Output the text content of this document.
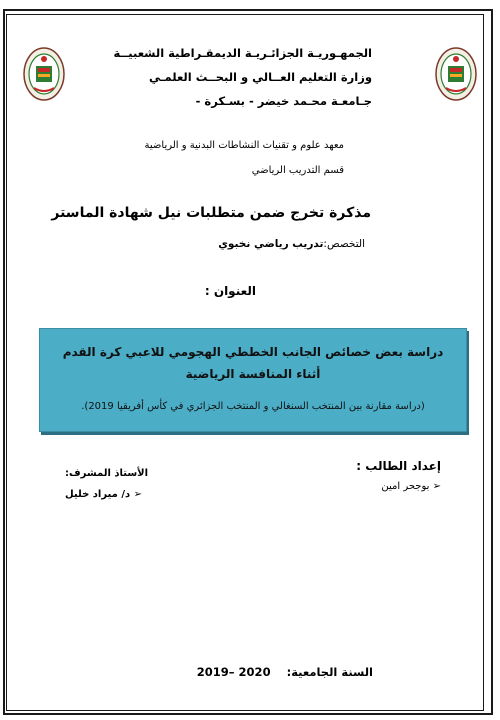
الجمهـوريـة الجزائـريـة الديمقـراطية الشعبيــة
وزارة التعليم العــالي و البحــث العلمـي
جـامعـة محـمد خيضر - بسـكرة -
معهد علوم و تقنيات النشاطات البدنية و الرياضية
قسم التدريب الرياضي
مذكرة تخرج ضمن متطلبات نيل شهادة الماستر
التخصص:تدريب رياضي نخبوي
العنوان :
دراسة بعض خصائص الجانب الخططي الهجومي للاعبي كرة القدم أثناء المنافسة الرياضية
(دراسة مقارنة بين المنتخب السنغالي و المنتخب الجزائري في كأس أفريقيا 2019).
إعداد الطالب :
➢ بوجحر امين
الأستاذ المشرف:
➢ د/ ميراد خليل
السنة الجامعية:  2019– 2020
